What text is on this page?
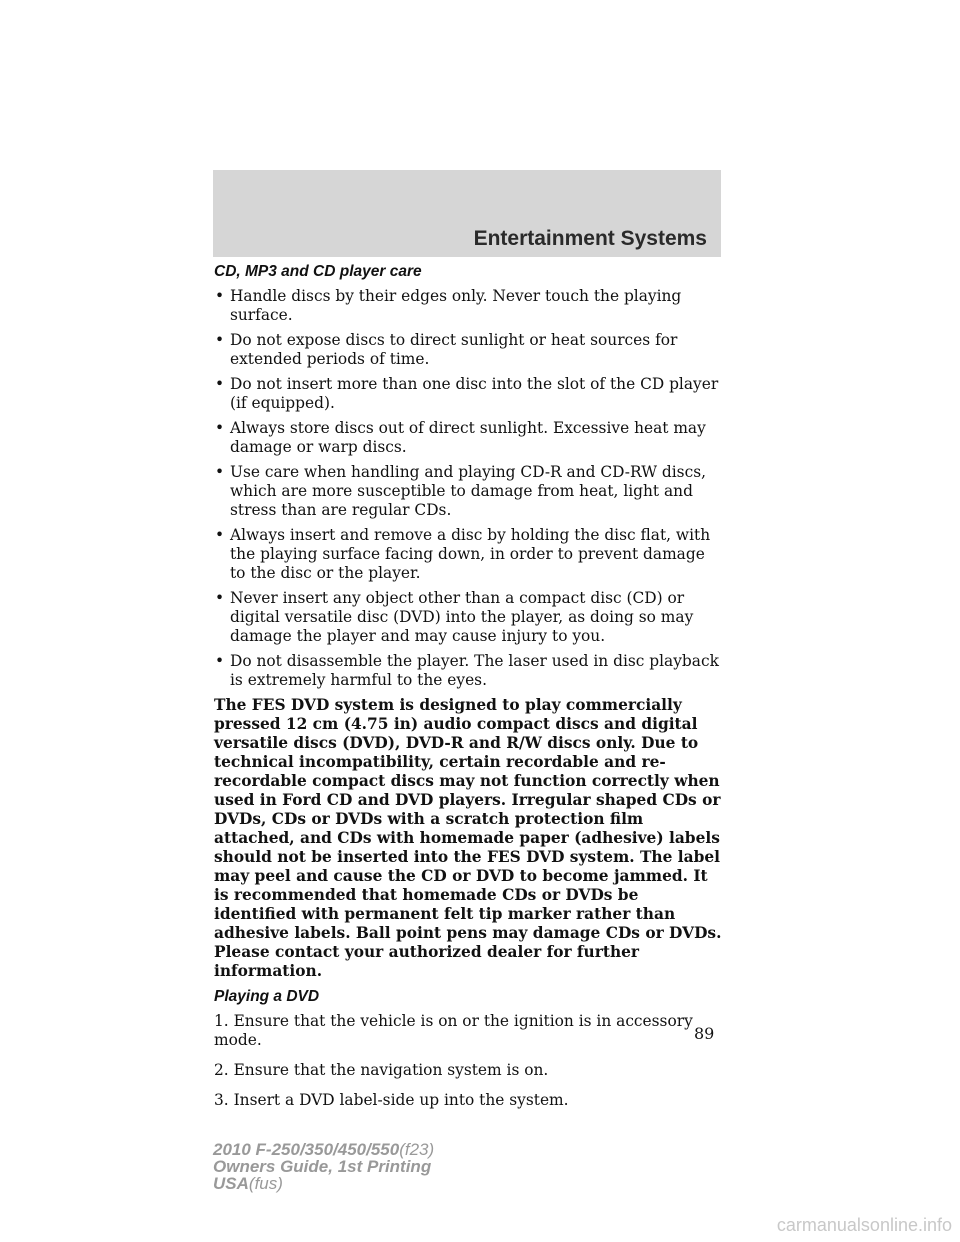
Entertainment Systems
CD, MP3 and CD player care
• Handle discs by their edges only. Never touch the playing surface.
• Do not expose discs to direct sunlight or heat sources for extended periods of time.
• Do not insert more than one disc into the slot of the CD player (if equipped).
• Always store discs out of direct sunlight. Excessive heat may damage or warp discs.
• Use care when handling and playing CD-R and CD-RW discs, which are more susceptible to damage from heat, light and stress than are regular CDs.
• Always insert and remove a disc by holding the disc flat, with the playing surface facing down, in order to prevent damage to the disc or the player.
• Never insert any object other than a compact disc (CD) or digital versatile disc (DVD) into the player, as doing so may damage the player and may cause injury to you.
• Do not disassemble the player. The laser used in disc playback is extremely harmful to the eyes.

The FES DVD system is designed to play commercially pressed 12 cm (4.75 in) audio compact discs and digital versatile discs (DVD), DVD-R and R/W discs only. Due to technical incompatibility, certain recordable and re-recordable compact discs may not function correctly when used in Ford CD and DVD players. Irregular shaped CDs or DVDs, CDs or DVDs with a scratch protection film attached, and CDs with homemade paper (adhesive) labels should not be inserted into the FES DVD system. The label may peel and cause the CD or DVD to become jammed. It is recommended that homemade CDs or DVDs be identified with permanent felt tip marker rather than adhesive labels. Ball point pens may damage CDs or DVDs. Please contact your authorized dealer for further information.

Playing a DVD

1. Ensure that the vehicle is on or the ignition is in accessory mode.

2. Ensure that the navigation system is on.

3. Insert a DVD label-side up into the system.

89
2010 F-250/350/450/550(f23)
Owners Guide, 1st Printing
USA(fus)
carmanualsonline.info
